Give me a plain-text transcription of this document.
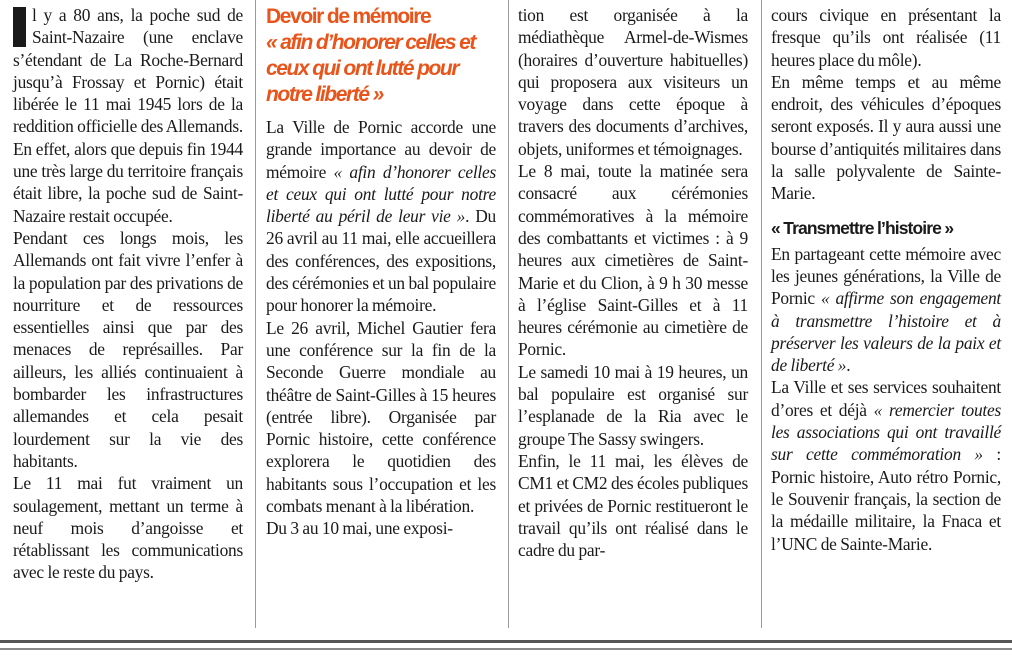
l y a 80 ans, la poche sud de Saint-Nazaire (une enclave s’étendant de La Roche-Bernard jusqu’à Frossay et Pornic) était libérée le 11 mai 1945 lors de la reddition officielle des Allemands. En effet, alors que depuis fin 1944 une très large du territoire français était libre, la poche sud de Saint-Nazaire restait occupée.

Pendant ces longs mois, les Allemands ont fait vivre l’enfer à la population par des privations de nourriture et de ressources essentielles ainsi que par des menaces de représailles. Par ailleurs, les alliés continuaient à bombarder les infrastructures allemandes et cela pesait lourdement sur la vie des habitants.

Le 11 mai fut vraiment un soulagement, mettant un terme à neuf mois d’angoisse et rétablissant les communications avec le reste du pays.

Devoir de mémoire
« afin d’honorer celles et ceux qui ont lutté pour notre liberté »

La Ville de Pornic accorde une grande importance au devoir de mémoire « afin d’honorer celles et ceux qui ont lutté pour notre liberté au péril de leur vie ». Du 26 avril au 11 mai, elle accueillera des conférences, des expositions, des cérémonies et un bal populaire pour honorer la mémoire.

Le 26 avril, Michel Gautier fera une conférence sur la fin de la Seconde Guerre mondiale au théâtre de Saint-Gilles à 15 heures (entrée libre). Organisée par Pornic histoire, cette conférence explorera le quotidien des habitants sous l’occupation et les combats menant à la libération.

Du 3 au 10 mai, une exposi-

tion est organisée à la médiathèque Armel-de-Wismes (horaires d’ouverture habituelles) qui proposera aux visiteurs un voyage dans cette époque à travers des documents d’archives, objets, uniformes et témoignages.

Le 8 mai, toute la matinée sera consacré aux cérémonies commémoratives à la mémoire des combattants et victimes : à 9 heures aux cimetières de Saint-Marie et du Clion, à 9 h 30 messe à l’église Saint-Gilles et à 11 heures cérémonie au cimetière de Pornic.

Le samedi 10 mai à 19 heures, un bal populaire est organisé sur l’esplanade de la Ria avec le groupe The Sassy swingers.

Enfin, le 11 mai, les élèves de CM1 et CM2 des écoles publiques et privées de Pornic restitueront le travail qu’ils ont réalisé dans le cadre du par-

cours civique en présentant la fresque qu’ils ont réalisée (11 heures place du môle).

En même temps et au même endroit, des véhicules d’époques seront exposés. Il y aura aussi une bourse d’antiquités militaires dans la salle polyvalente de Sainte-Marie.

« Transmettre l’histoire »

En partageant cette mémoire avec les jeunes générations, la Ville de Pornic « affirme son engagement à transmettre l’histoire et à préserver les valeurs de la paix et de liberté ».

La Ville et ses services souhaitent d’ores et déjà « remercier toutes les associations qui ont travaillé sur cette commémoration » : Pornic histoire, Auto rétro Pornic, le Souvenir français, la section de la médaille militaire, la Fnaca et l’UNC de Sainte-Marie.
